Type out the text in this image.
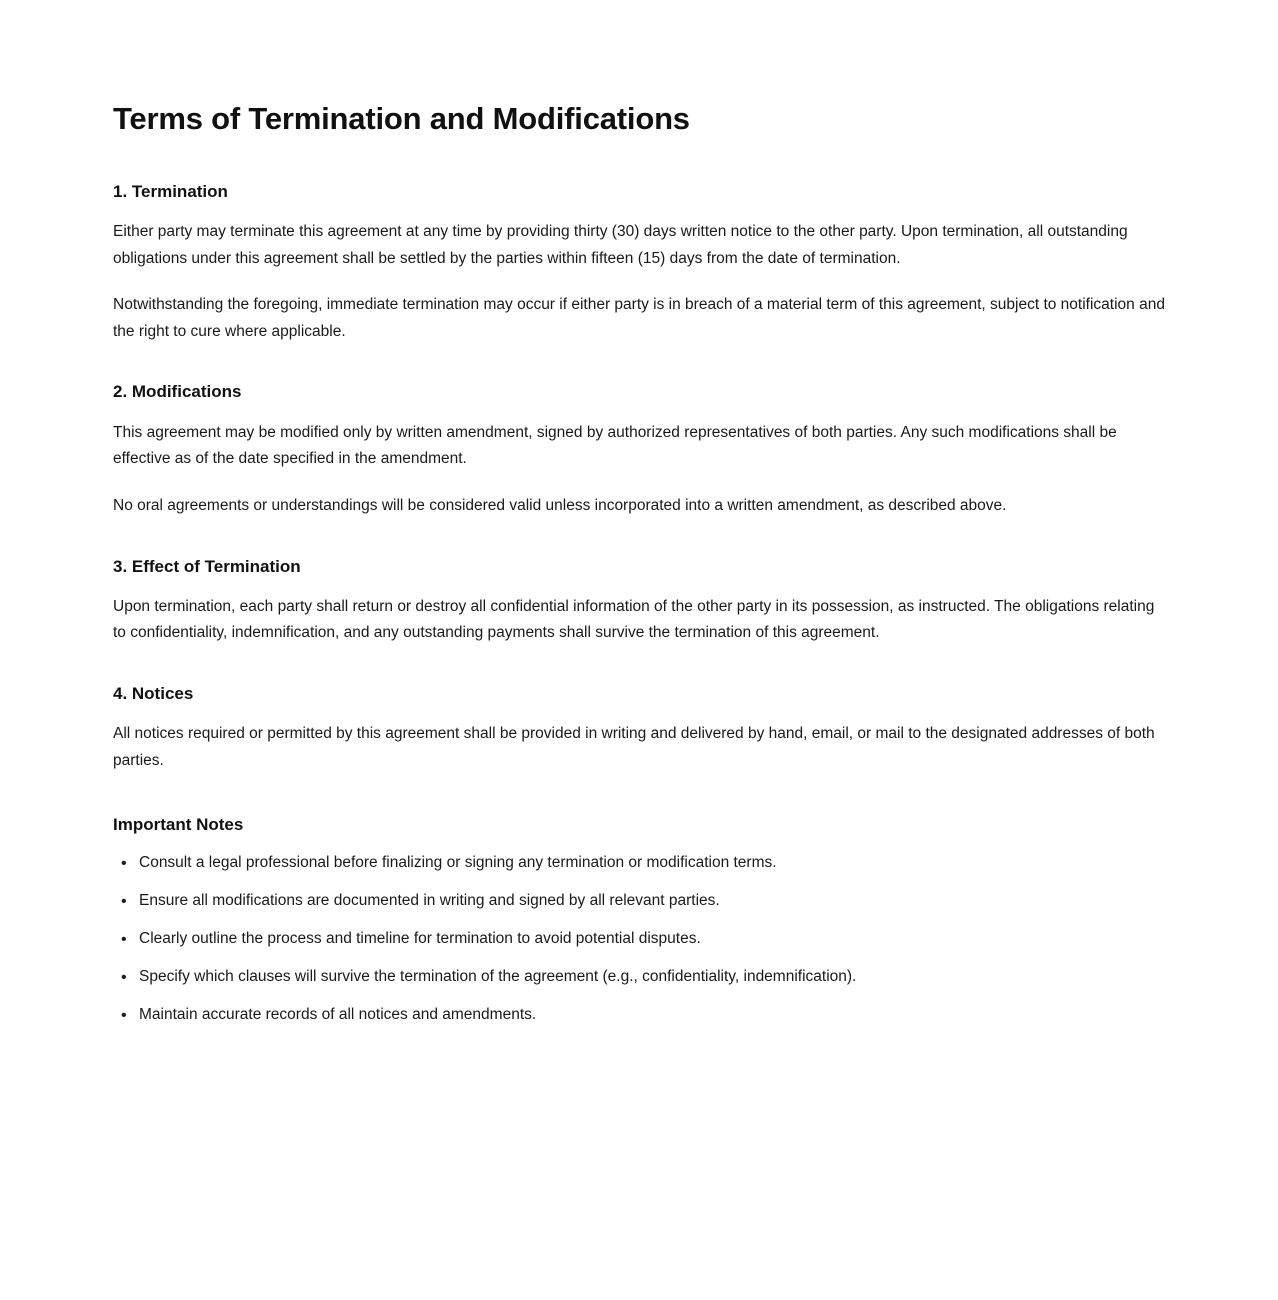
Terms of Termination and Modifications
1. Termination

Either party may terminate this agreement at any time by providing thirty (30) days written notice to the other party. Upon termination, all outstanding obligations under this agreement shall be settled by the parties within fifteen (15) days from the date of termination.

Notwithstanding the foregoing, immediate termination may occur if either party is in breach of a material term of this agreement, subject to notification and the right to cure where applicable.

2. Modifications

This agreement may be modified only by written amendment, signed by authorized representatives of both parties. Any such modifications shall be effective as of the date specified in the amendment.

No oral agreements or understandings will be considered valid unless incorporated into a written amendment, as described above.

3. Effect of Termination

Upon termination, each party shall return or destroy all confidential information of the other party in its possession, as instructed. The obligations relating to confidentiality, indemnification, and any outstanding payments shall survive the termination of this agreement.

4. Notices

All notices required or permitted by this agreement shall be provided in writing and delivered by hand, email, or mail to the designated addresses of both parties.

Important Notes
• Consult a legal professional before finalizing or signing any termination or modification terms.
• Ensure all modifications are documented in writing and signed by all relevant parties.
• Clearly outline the process and timeline for termination to avoid potential disputes.
• Specify which clauses will survive the termination of the agreement (e.g., confidentiality, indemnification).
• Maintain accurate records of all notices and amendments.
